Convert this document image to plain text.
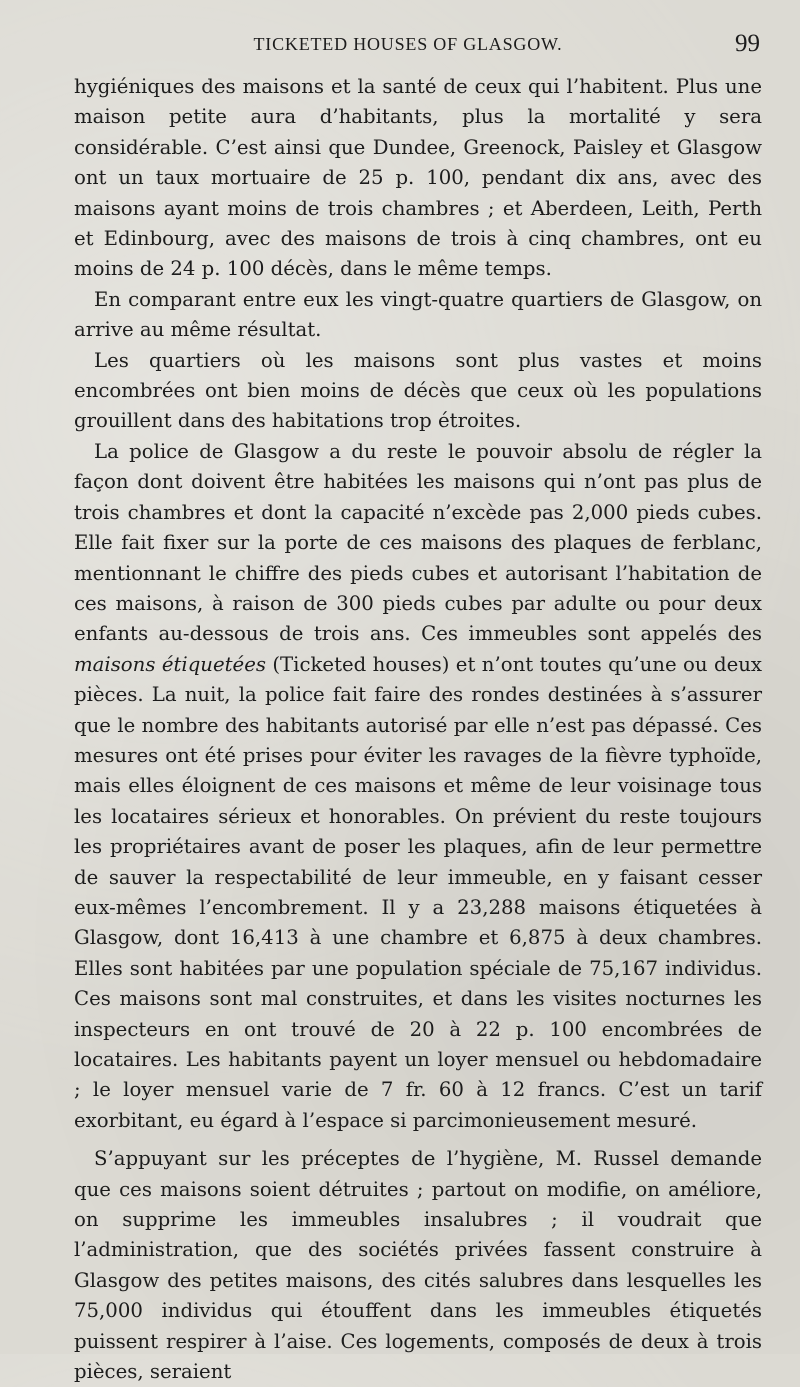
TICKETED HOUSES OF GLASGOW.	99

hygiéniques des maisons et la santé de ceux qui l’habitent. Plus une maison petite aura d’habitants, plus la mortalité y sera considérable. C’est ainsi que Dundee, Greenock, Paisley et Glasgow ont un taux mortuaire de 25 p. 100, pendant dix ans, avec des maisons ayant moins de trois chambres ; et Aberdeen, Leith, Perth et Edinbourg, avec des maisons de trois à cinq chambres, ont eu moins de 24 p. 100 décès, dans le même temps.

En comparant entre eux les vingt-quatre quartiers de Glasgow, on arrive au même résultat.

Les quartiers où les maisons sont plus vastes et moins encombrées ont bien moins de décès que ceux où les populations grouillent dans des habitations trop étroites.

La police de Glasgow a du reste le pouvoir absolu de régler la façon dont doivent être habitées les maisons qui n’ont pas plus de trois chambres et dont la capacité n’excède pas 2,000 pieds cubes. Elle fait fixer sur la porte de ces maisons des plaques de ferblanc, mentionnant le chiffre des pieds cubes et autorisant l’habitation de ces maisons, à raison de 300 pieds cubes par adulte ou pour deux enfants au-dessous de trois ans. Ces immeubles sont appelés des maisons étiquetées (Ticketed houses) et n’ont toutes qu’une ou deux pièces. La nuit, la police fait faire des rondes destinées à s’assurer que le nombre des habitants autorisé par elle n’est pas dépassé. Ces mesures ont été prises pour éviter les ravages de la fièvre typhoïde, mais elles éloignent de ces maisons et même de leur voisinage tous les locataires sérieux et honorables. On prévient du reste toujours les propriétaires avant de poser les plaques, afin de leur permettre de sauver la respectabilité de leur immeuble, en y faisant cesser eux-mêmes l’encombrement. Il y a 23,288 maisons étiquetées à Glasgow, dont 16,413 à une chambre et 6,875 à deux chambres. Elles sont habitées par une population spéciale de 75,167 individus. Ces maisons sont mal construites, et dans les visites nocturnes les inspecteurs en ont trouvé de 20 à 22 p. 100 encombrées de locataires. Les habitants payent un loyer mensuel ou hebdomadaire ; le loyer mensuel varie de 7 fr. 60 à 12 francs. C’est un tarif exorbitant, eu égard à l’espace si parcimonieusement mesuré.

S’appuyant sur les préceptes de l’hygiène, M. Russel demande que ces maisons soient détruites ; partout on modifie, on améliore, on supprime les immeubles insalubres ; il voudrait que l’administration, que des sociétés privées fassent construire à Glasgow des petites maisons, des cités salubres dans lesquelles les 75,000 individus qui étouffent dans les immeubles étiquetés puissent respirer à l’aise. Ces logements, composés de deux à trois pièces, seraient
